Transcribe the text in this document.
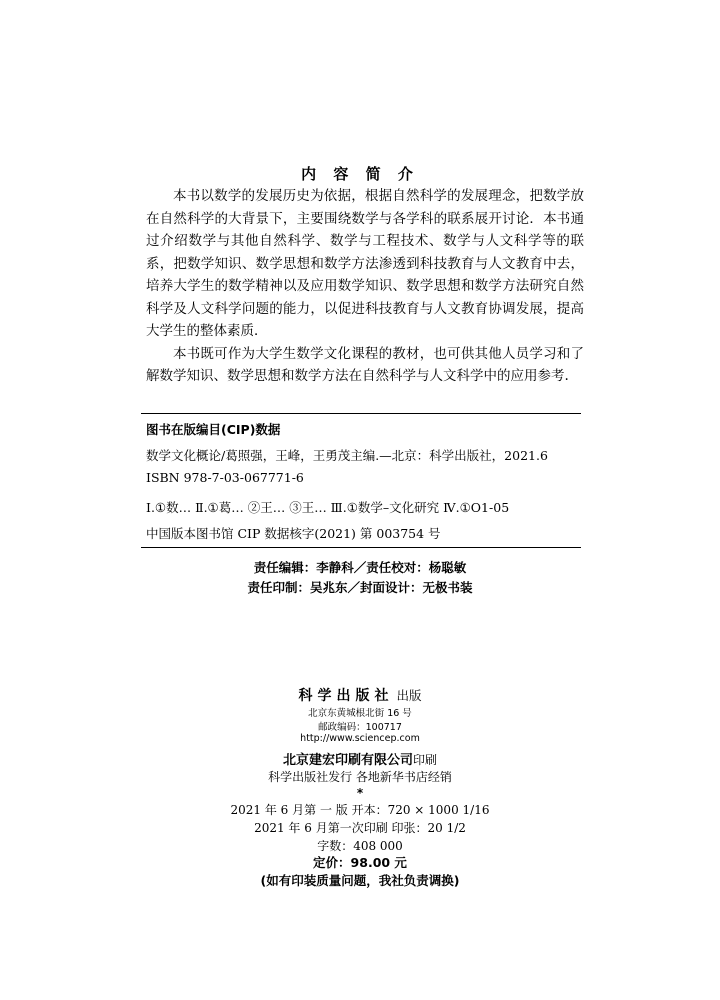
内 容 简 介

本书以数学的发展历史为依据，根据自然科学的发展理念，把数学放在自然科学的大背景下，主要围绕数学与各学科的联系展开讨论．本书通过介绍数学与其他自然科学、数学与工程技术、数学与人文科学等的联系，把数学知识、数学思想和数学方法渗透到科技教育与人文教育中去，培养大学生的数学精神以及应用数学知识、数学思想和数学方法研究自然科学及人文科学问题的能力，以促进科技教育与人文教育协调发展，提高大学生的整体素质．

本书既可作为大学生数学文化课程的教材，也可供其他人员学习和了解数学知识、数学思想和数学方法在自然科学与人文科学中的应用参考.

图书在版编目(CIP)数据
数学文化概论/葛照强，王峰，王勇茂主编.—北京：科学出版社，2021.6
ISBN 978-7-03-067771-6
Ⅰ.①数… Ⅱ.①葛… ②王… ③王… Ⅲ.①数学–文化研究 Ⅳ.①O1-05
中国版本图书馆 CIP 数据核字(2021) 第 003754 号
责任编辑：李静科／责任校对：杨聪敏
责任印制：吴兆东／封面设计：无极书装
科学出版社 出版
北京东黄城根北街 16 号
邮政编码：100717
http://www.sciencep.com
北京建宏印刷有限公司印刷
科学出版社发行 各地新华书店经销
*
2021 年 6 月第 一 版 开本：720 × 1000 1/16
2021 年 6 月第一次印刷 印张：20 1/2
字数：408 000
定价：98.00 元
(如有印装质量问题，我社负责调换)
